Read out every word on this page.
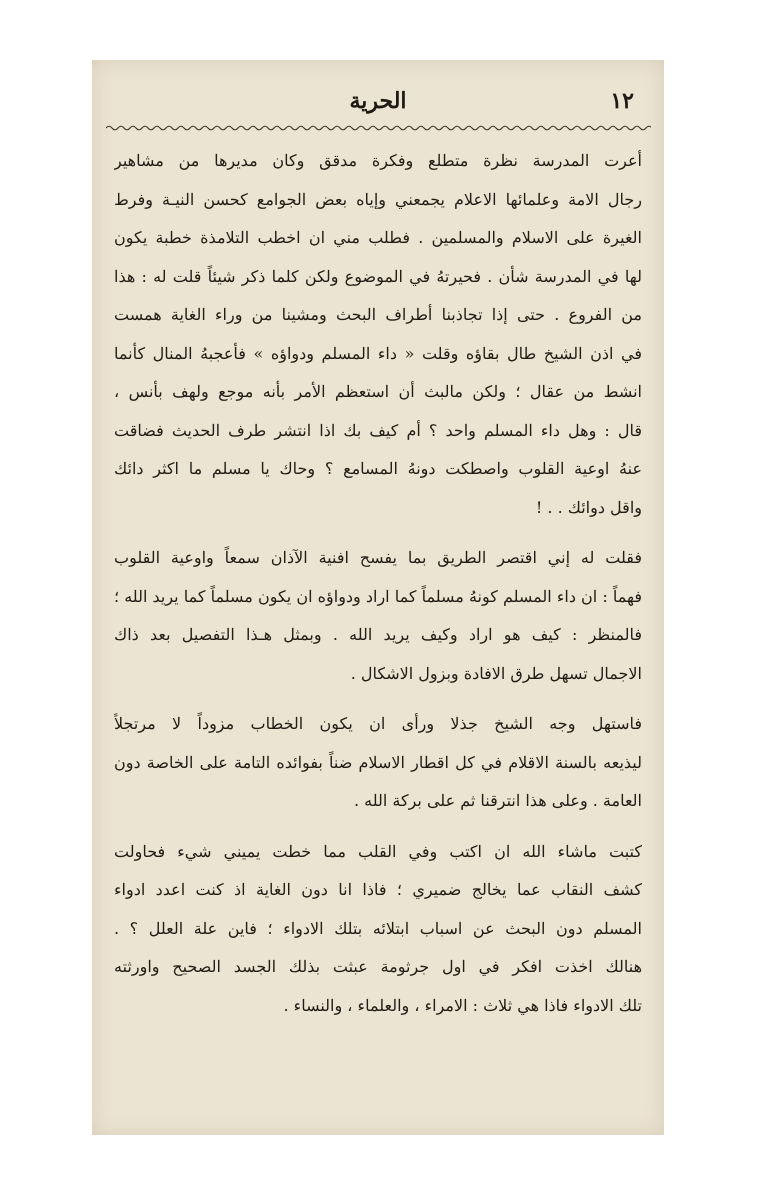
١٢
الحرية
أعرت المدرسة نظرة متطلع وفكرة مدقق وكان مديرها من مشاهير
رجال الامة وعلمائها الاعلام يجمعني وإياه بعض الجوامع كحسن النيـة وفرط
الغيرة على الاسلام والمسلمين . فطلب مني ان اخطب التلامذة خطبة يكون
لها في المدرسة شأن . فحيرتهُ في الموضوع ولكن كلما ذكر شيئاً قلت له : هذا
من الفروع . حتى إذا تجاذبنا أطراف البحث ومشينا من وراء الغاية همست
في اذن الشيخ طال بقاؤه وقلت « داء المسلم ودواؤه » فأعجبهُ المنال كأنما
انشط من عقال ؛ ولكن مالبث أن استعظم الأمر بأنه موجع ولهف بأنس ،
قال : وهل داء المسلم واحد ؟ أم كيف بك اذا انتشر طرف الحديث فضاقت
عنهُ اوعية القلوب واصطكت دونهُ المسامع ؟ وحاك يا مسلم ما اكثر دائك
واقل دوائك . . !
فقلت له إني اقتصر الطريق بما يفسح افنية الآذان سمعاً واوعية القلوب
فهماً : ان داء المسلم كونهُ مسلماً كما اراد ودواؤه ان يكون مسلماً كما يريد الله ؛
فالمنظر : كيف هو اراد وكيف يريد الله . وبمثل هـذا التفصيل بعد ذاك
الاجمال تسهل طرق الافادة وبزول الاشكال .
فاستهل وجه الشيخ جذلا ورأى ان يكون الخطاب مزوداً لا مرتجلاً
ليذيعه بالسنة الاقلام في كل اقطار الاسلام ضناً بفوائده التامة على الخاصة دون
العامة . وعلى هذا انترقنا ثم على بركة الله .
كتبت ماشاء الله ان اكتب وفي القلب مما خطت يميني شيء فحاولت
كشف النقاب عما يخالج ضميري ؛ فاذا انا دون الغاية اذ كنت اعدد ادواء
المسلم دون البحث عن اسباب ابتلائه بتلك الادواء ؛ فاين علة العلل ؟ .
هنالك اخذت افكر في اول جرثومة عبثت بذلك الجسد الصحيح واورثته
تلك الادواء فاذا هي ثلاث : الامراء ، والعلماء ، والنساء .
